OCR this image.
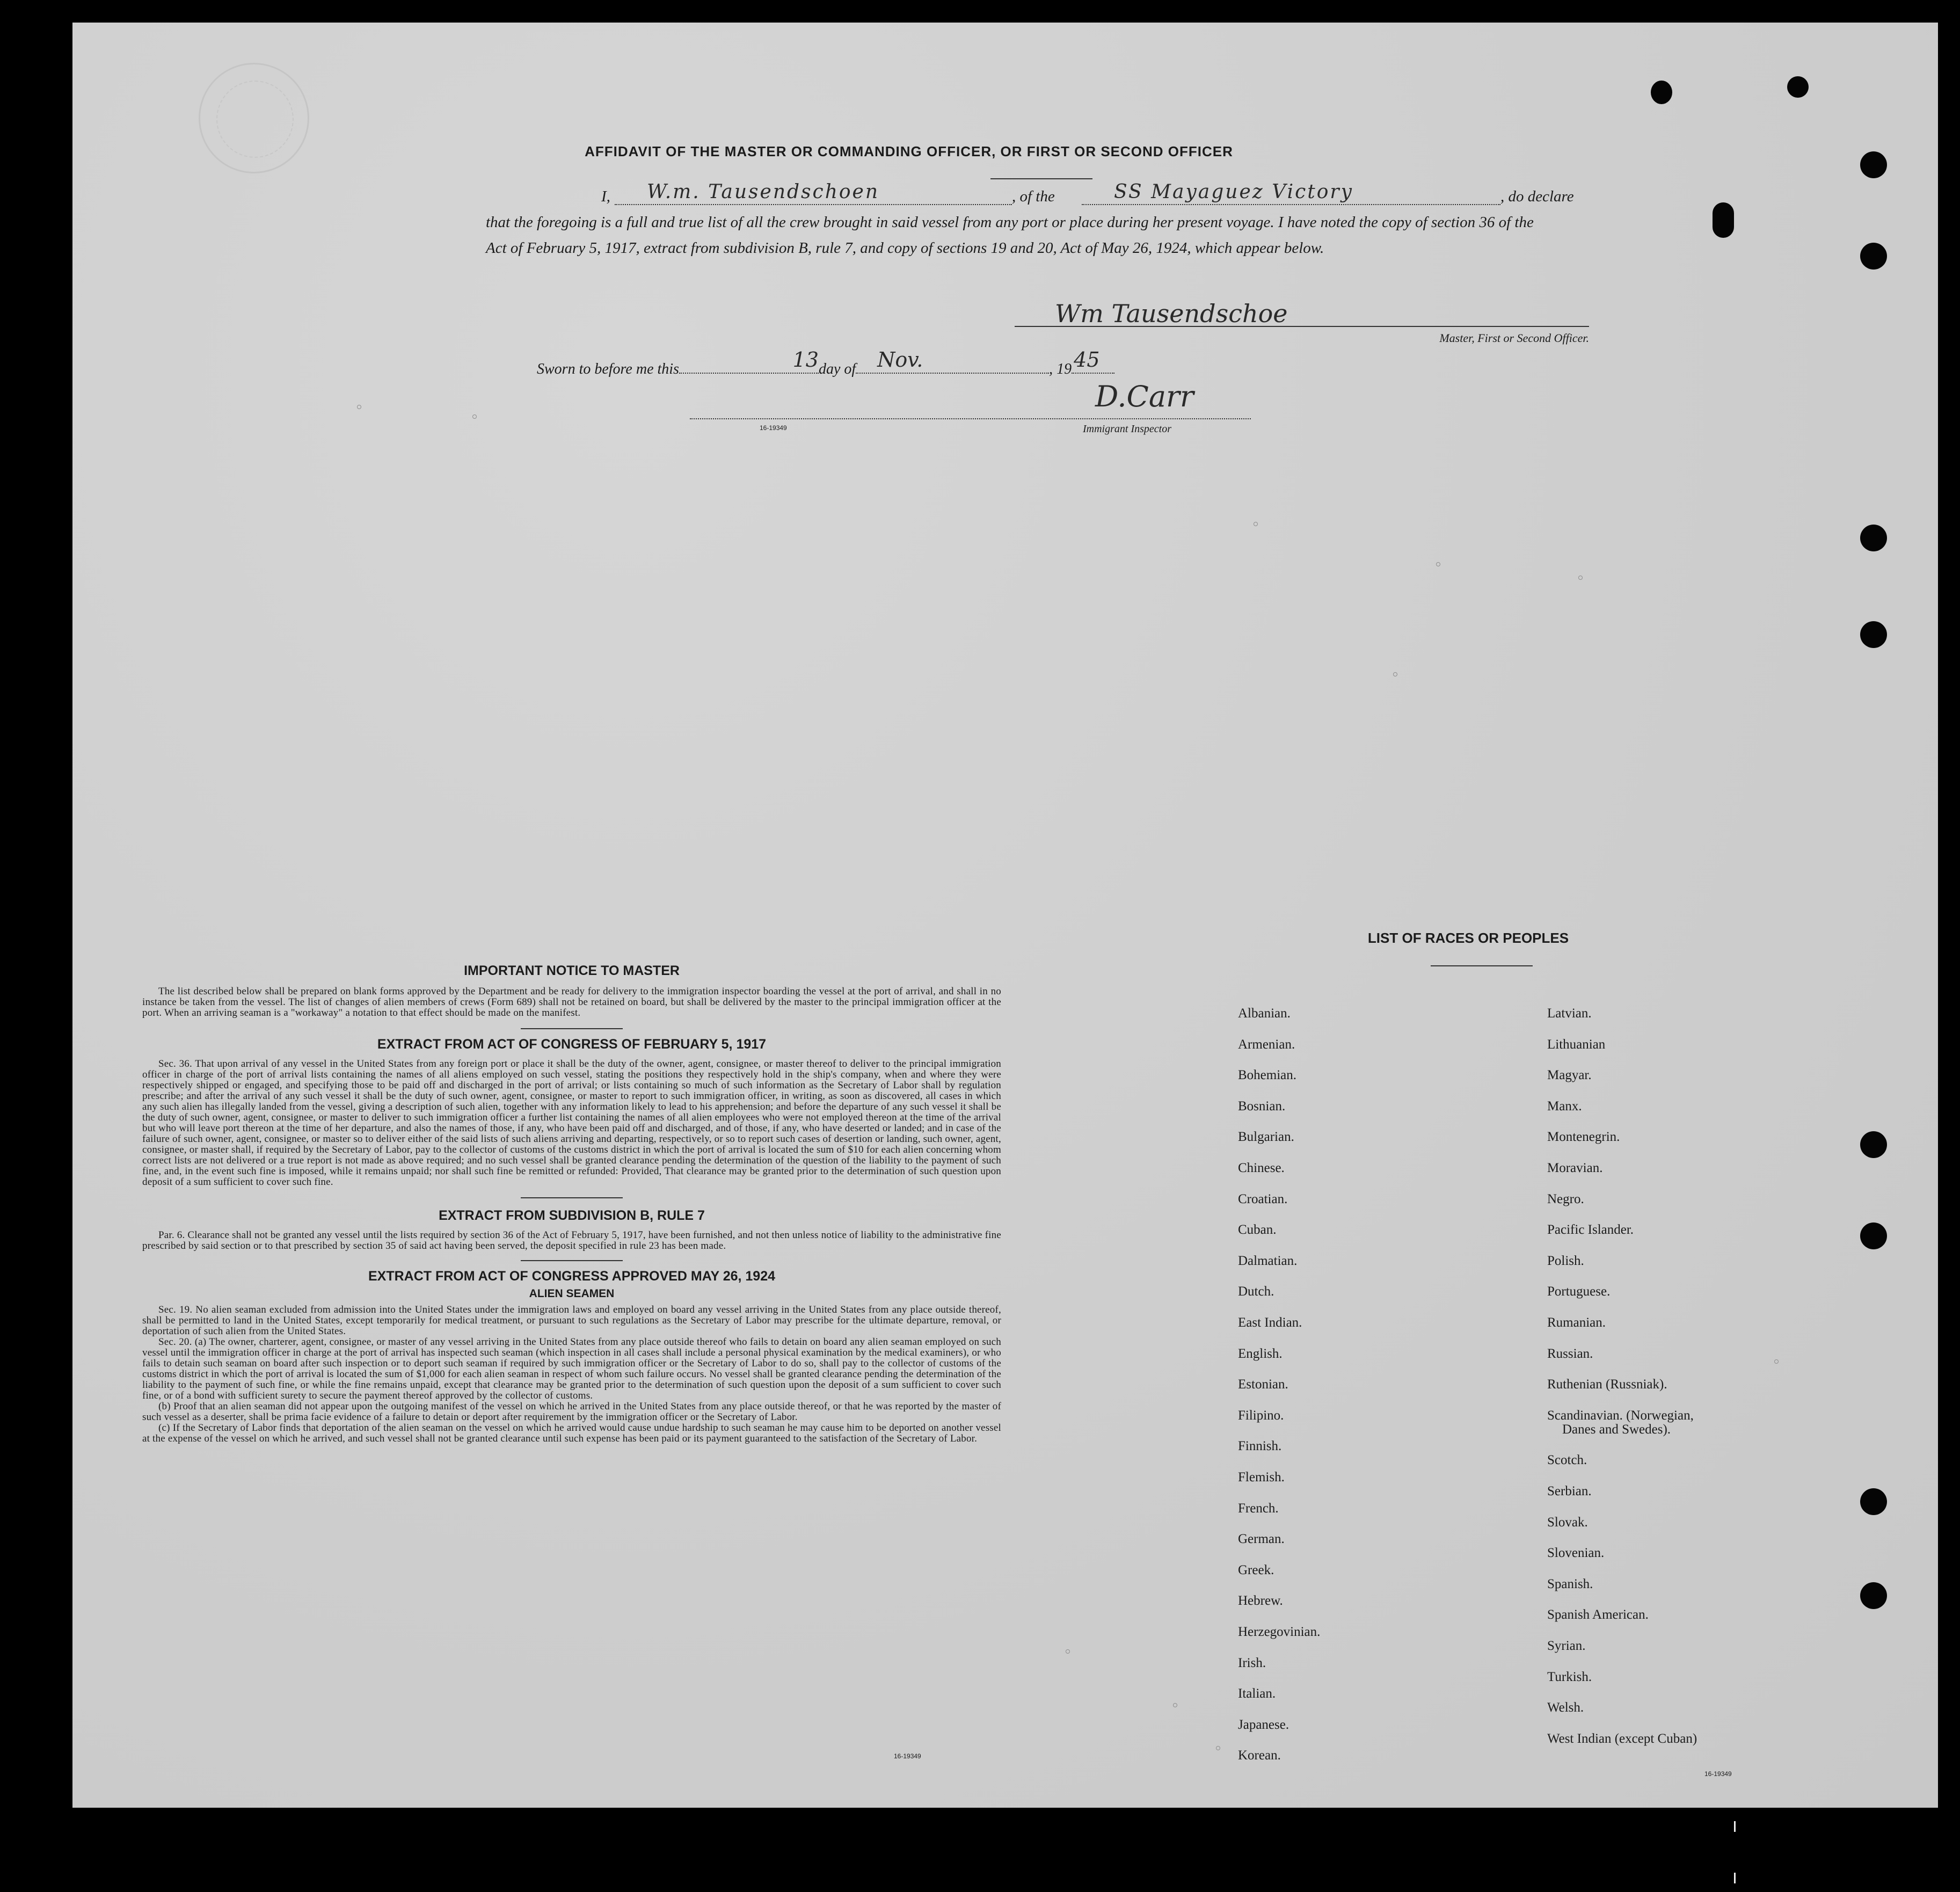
AFFIDAVIT OF THE MASTER OR COMMANDING OFFICER, OR FIRST OR SECOND OFFICER
I, W.m. Tausendschoen	, of the	SS Mayaguez Victory	, do declare
that the foregoing is a full and true list of all the crew brought in said vessel from any port or place during her present voyage. I have noted the copy of section 36 of the Act of February 5, 1917, extract from subdivision B, rule 7, and copy of sections 19 and 20, Act of May 26, 1924, which appear below.
Wm Tausendschoe
Master, First or Second Officer.
Sworn to before me this	13 day of Nov.	, 19 45
D.Carr
Immigrant Inspector
16-19349
IMPORTANT NOTICE TO MASTER
The list described below shall be prepared on blank forms approved by the Department and be ready for delivery to the immigration inspector boarding the vessel at the port of arrival, and shall in no instance be taken from the vessel. The list of changes of alien members of crews (Form 689) shall not be retained on board, but shall be delivered by the master to the principal immigration officer at the port. When an arriving seaman is a "workaway" a notation to that effect should be made on the manifest.
EXTRACT FROM ACT OF CONGRESS OF FEBRUARY 5, 1917
Sec. 36. That upon arrival of any vessel in the United States from any foreign port or place it shall be the duty of the owner, agent, consignee, or master thereof to deliver to the principal immigration officer in charge of the port of arrival lists containing the names of all aliens employed on such vessel, stating the positions they respectively hold in the ship's company, when and where they were respectively shipped or engaged, and specifying those to be paid off and discharged in the port of arrival; or lists containing so much of such information as the Secretary of Labor shall by regulation prescribe; and after the arrival of any such vessel it shall be the duty of such owner, agent, consignee, or master to report to such immigration officer, in writing, as soon as discovered, all cases in which any such alien has illegally landed from the vessel, giving a description of such alien, together with any information likely to lead to his apprehension; and before the departure of any such vessel it shall be the duty of such owner, agent, consignee, or master to deliver to such immigration officer a further list containing the names of all alien employees who were not employed thereon at the time of the arrival but who will leave port thereon at the time of her departure, and also the names of those, if any, who have been paid off and discharged, and of those, if any, who have deserted or landed; and in case of the failure of such owner, agent, consignee, or master so to deliver either of the said lists of such aliens arriving and departing, respectively, or so to report such cases of desertion or landing, such owner, agent, consignee, or master shall, if required by the Secretary of Labor, pay to the collector of customs of the customs district in which the port of arrival is located the sum of $10 for each alien concerning whom correct lists are not delivered or a true report is not made as above required; and no such vessel shall be granted clearance pending the determination of the question of the liability to the payment of such fine, and, in the event such fine is imposed, while it remains unpaid; nor shall such fine be remitted or refunded: Provided, That clearance may be granted prior to the determination of such question upon deposit of a sum sufficient to cover such fine.
EXTRACT FROM SUBDIVISION B, RULE 7
Par. 6. Clearance shall not be granted any vessel until the lists required by section 36 of the Act of February 5, 1917, have been furnished, and not then unless notice of liability to the administrative fine prescribed by said section or to that prescribed by section 35 of said act having been served, the deposit specified in rule 23 has been made.
EXTRACT FROM ACT OF CONGRESS APPROVED MAY 26, 1924
ALIEN SEAMEN
Sec. 19. No alien seaman excluded from admission into the United States under the immigration laws and employed on board any vessel arriving in the United States from any place outside thereof, shall be permitted to land in the United States, except temporarily for medical treatment, or pursuant to such regulations as the Secretary of Labor may prescribe for the ultimate departure, removal, or deportation of such alien from the United States.
Sec. 20. (a) The owner, charterer, agent, consignee, or master of any vessel arriving in the United States from any place outside thereof who fails to detain on board any alien seaman employed on such vessel until the immigration officer in charge at the port of arrival has inspected such seaman (which inspection in all cases shall include a personal physical examination by the medical examiners), or who fails to detain such seaman on board after such inspection or to deport such seaman if required by such immigration officer or the Secretary of Labor to do so, shall pay to the collector of customs of the customs district in which the port of arrival is located the sum of $1,000 for each alien seaman in respect of whom such failure occurs. No vessel shall be granted clearance pending the determination of the liability to the payment of such fine, or while the fine remains unpaid, except that clearance may be granted prior to the determination of such question upon the deposit of a sum sufficient to cover such fine, or of a bond with sufficient surety to secure the payment thereof approved by the collector of customs.
(b) Proof that an alien seaman did not appear upon the outgoing manifest of the vessel on which he arrived in the United States from any place outside thereof, or that he was reported by the master of such vessel as a deserter, shall be prima facie evidence of a failure to detain or deport after requirement by the immigration officer or the Secretary of Labor.
(c) If the Secretary of Labor finds that deportation of the alien seaman on the vessel on which he arrived would cause undue hardship to such seaman he may cause him to be deported on another vessel at the expense of the vessel on which he arrived, and such vessel shall not be granted clearance until such expense has been paid or its payment guaranteed to the satisfaction of the Secretary of Labor.
16-19349
LIST OF RACES OR PEOPLES
Albanian.
Armenian.
Bohemian.
Bosnian.
Bulgarian.
Chinese.
Croatian.
Cuban.
Dalmatian.
Dutch.
East Indian.
English.
Estonian.
Filipino.
Finnish.
Flemish.
French.
German.
Greek.
Hebrew.
Herzegovinian.
Irish.
Italian.
Japanese.
Korean.
Latvian.
Lithuanian
Magyar.
Manx.
Montenegrin.
Moravian.
Negro.
Pacific Islander.
Polish.
Portuguese.
Rumanian.
Russian.
Ruthenian (Russniak).
Scandinavian. (Norwegian,
Danes and Swedes).
Scotch.
Serbian.
Slovak.
Slovenian.
Spanish.
Spanish American.
Syrian.
Turkish.
Welsh.
West Indian (except Cuban)
16-19349
